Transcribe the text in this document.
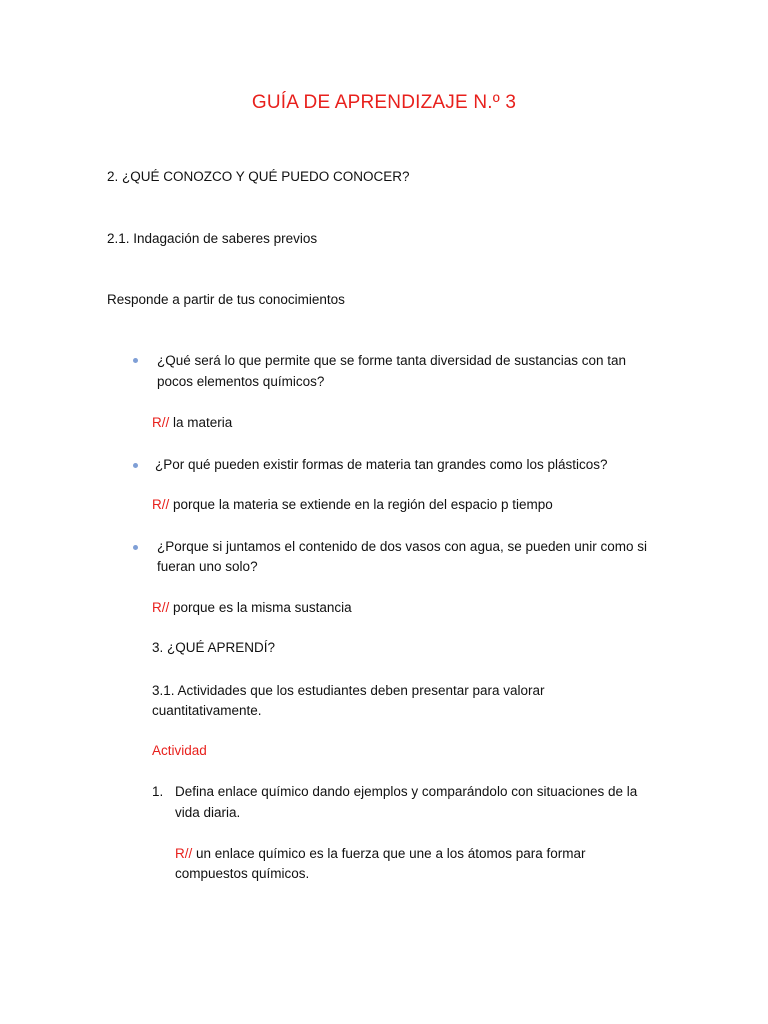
GUÍA DE APRENDIZAJE N.º 3
2. ¿QUÉ CONOZCO Y QUÉ PUEDO CONOCER?
2.1. Indagación de saberes previos
Responde a partir de tus conocimientos
¿Qué será lo que permite que se forme tanta diversidad de sustancias con tan
pocos elementos químicos?
R// la materia
¿Por qué pueden existir formas de materia tan grandes como los plásticos?
R// porque la materia se extiende en la región del espacio p tiempo
¿Porque si juntamos el contenido de dos vasos con agua, se pueden unir como si
fueran uno solo?
R// porque es la misma sustancia
3. ¿QUÉ APRENDÍ?
3.1. Actividades que los estudiantes deben presentar para valorar
cuantitativamente.
Actividad
1. Defina enlace químico dando ejemplos y comparándolo con situaciones de la
vida diaria.
R// un enlace químico es la fuerza que une a los átomos para formar
compuestos químicos.
